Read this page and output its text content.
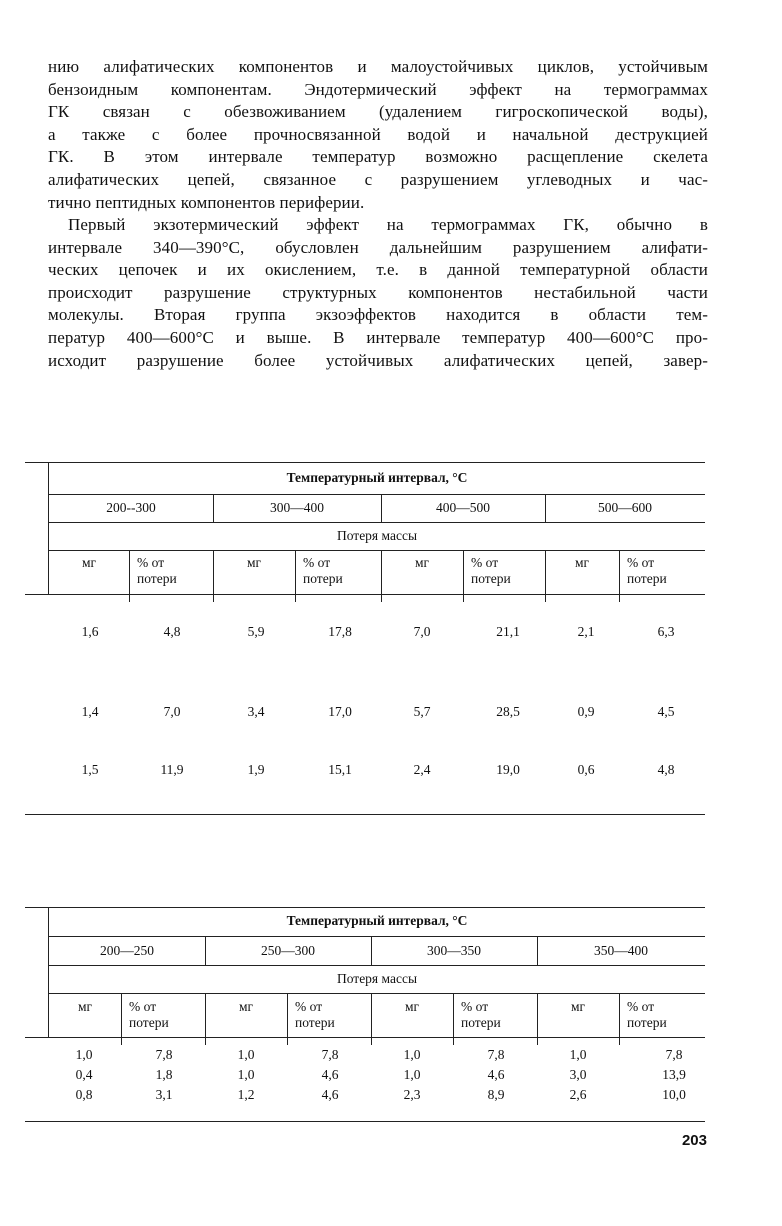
нию алифатических компонентов и малоустойчивых циклов, устойчивым
бензоидным компонентам. Эндотермический эффект на термограммах
ГК связан с обезвоживанием (удалением гигроскопической воды),
а также с более прочносвязанной водой и начальной деструкцией
ГК. В этом интервале температур возможно расщепление скелета
алифатических цепей, связанное с разрушением углеводных и час-
тично пептидных компонентов периферии.
Первый экзотермический эффект на термограммах ГК, обычно в
интервале 340—390°С, обусловлен дальнейшим разрушением алифати-
ческих цепочек и их окислением, т.е. в данной температурной области
происходит разрушение структурных компонентов нестабильной части
молекулы. Вторая группа экзоэффектов находится в области тем-
ператур 400—600°С и выше. В интервале температур 400—600°С про-
исходит разрушение более устойчивых алифатических цепей, завер-
Температурный интервал, °С
200--300	300—400	400—500	500—600
Потеря массы
мг	% от
потери
мг	% от
потери
мг	% от
потери
мг	% от
потери
1,6	4,8	5,9	17,8	7,0	21,1	2,1	6,3
1,4	7,0	3,4	17,0	5,7	28,5	0,9	4,5
1,5	11,9	1,9	15,1	2,4	19,0	0,6	4,8
Температурный интервал, °С
200—250	250—300	300—350	350—400
Потеря массы
мг	% от
потери
мг	% от
потери
мг	% от
потери
мг	% от
потери
1,0	7,8	1,0	7,8	1,0	7,8	1,0	7,8
0,4	1,8	1,0	4,6	1,0	4,6	3,0	13,9
0,8	3,1	1,2	4,6	2,3	8,9	2,6	10,0
203
